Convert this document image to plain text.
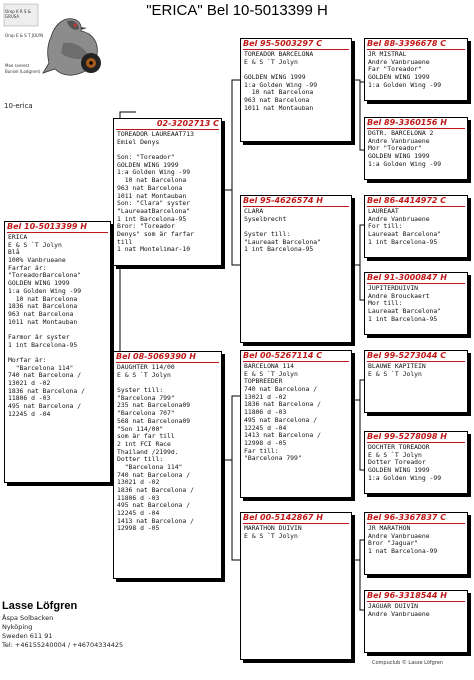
"ERICA" Bel 10-5013399 H
Orep K R S & GRUSA
Orop E & S T JOLYN
Moe sverest
Bunsel (Lodgrem)
10-erica
Bel 10-5013399 H
ERICA
E & S `T Jolyn
Blå
100% Vanbrueane
Farfar är:
"ToreadorBarcelona"
GOLDEN WING 1999
1:a Golden Wing -99
10 nat Barcelona
1836 nat Barcelona
963 nat Barcelona
1011 nat Montauban
Farmor är syster
1 int Barcelona-95
Morfar är:
"Barcelona 114"
740 nat Barcelona /
13021 d -02
1836 nat Barcelona /
11806 d -03
495 nat Barcelona /
12245 d -04
02-3202713 C
TOREADOR LAUREAAT713
Emiel Denys
Son: "Toreador"
GOLDEN WING 1999
1:a Golden Wing -99
10 nat Barcelona
963 nat Barcelona
1011 nat Montauban
Son: "Clara" syster
"LaureaatBarcelona"
1 int Barcelona-95
Bror: "Toreador
Denys" som är farfar
till
1 nat Montelimar-10
Bel 08-5069390 H
DAUGHTER 114/00
E & S `T Jolyn
Syster till:
"Barcelona 799"
235 nat Barcelona09
"Barcelona 707"
568 nat Barcelona09
"Son 114/00"
som är far till
2 int FCI Race
Thailand /2199d.
Dotter till:
"Barcelona 114"
740 nat Barcelona /
13021 d -02
1836 nat Barcelona /
11806 d -03
495 nat Barcelona /
12245 d -04
1413 nat Barcelona /
12998 d -05
Bel 95-5003297 C
TOREADOR BARCELONA
E & S `T Jolyn
GOLDEN WING 1999
1:a Golden Wing -99
10 nat Barcelona
963 nat Barcelona
1011 nat Montauban
Bel 95-4626574 H
CLARA
Syselbrecht
Syster till:
"Laureaat Barcelona"
1 int Barcelona-95
Bel 00-5267114 C
BARCELONA 114
E & S `T Jolyn
TOPBREEDER
740 nat Barcelona /
13021 d -02
1836 nat Barcelona /
11806 d -03
495 nat Barcelona /
12245 d -04
1413 nat Barcelona /
12998 d -05
Far till:
"Barcelona 799"
Bel 00-5142867 H
MARATHON DUIVIN
E & S `T Jolyn
Bel 88-3396678 C
JR MISTRAL
Andre Vanbruaene
Far "Toreador"
GOLDEN WING 1999
1:a Golden Wing -99
Bel 89-3360156 H
DGTR. BARCELONA 2
Andre Vanbruaene
Mor "Toreador"
GOLDEN WING 1999
1:a Golden Wing -99
Bel 86-4414972 C
LAUREAAT
Andre Vanbruaene
For till:
Laureaat Barcelona"
1 int Barcelona-95
Bel 91-3000847 H
JUPITERDUIVIN
Andre Brouckaert
Mor till:
Laureaat Barcelona"
1 int Barcelona-95
Bel 99-5273044 C
BLAUWE KAPITEIN
E & S `T Jolyn
Bel 99-5278098 H
DOCHTER TOREADOR
E & S `T Jolyn
Dotter Toreador
GOLDEN WING 1999
1:a Golden Wing -99
Bel 96-3367837 C
JR MARATHON
Andre Vanbruaene
Bror "Jaguar"
1 nat Barcelona-99
Bel 96-3318544 H
JAGUAR DUIVIN
Andre Vanbruaene
Lasse Löfgren
Åspa Solbacken
Nyköping
Sweden 611 91
Tel: +46155240004 / +46704334425
Compuclub © Lasse Löfgren
